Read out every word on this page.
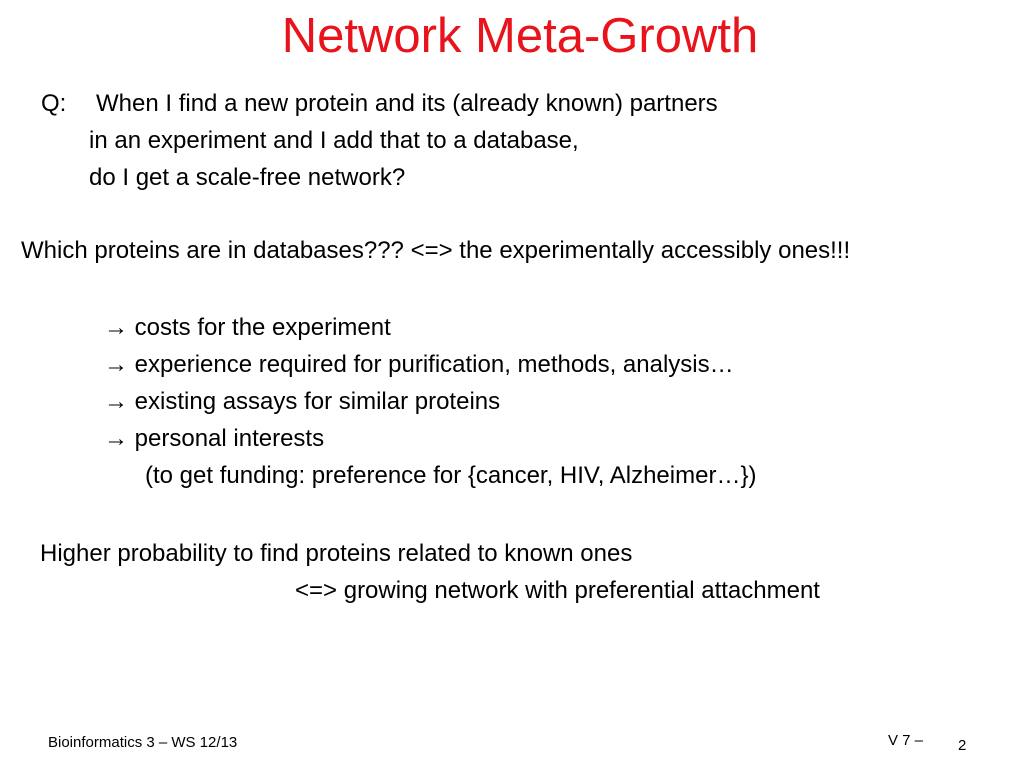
Network Meta-Growth
Q: When I find a new protein and its (already known) partners
in an experiment and I add that to a database,
do I get a scale-free network?
Which proteins are in databases??? <=> the experimentally accessibly ones!!!
→ costs for the experiment
→ experience required for purification, methods, analysis…
→ existing assays for similar proteins
→ personal interests
(to get funding: preference for {cancer, HIV, Alzheimer…})
Higher probability to find proteins related to known ones
<=> growing network with preferential attachment
Bioinformatics 3 – WS 12/13	V 7 – 2
